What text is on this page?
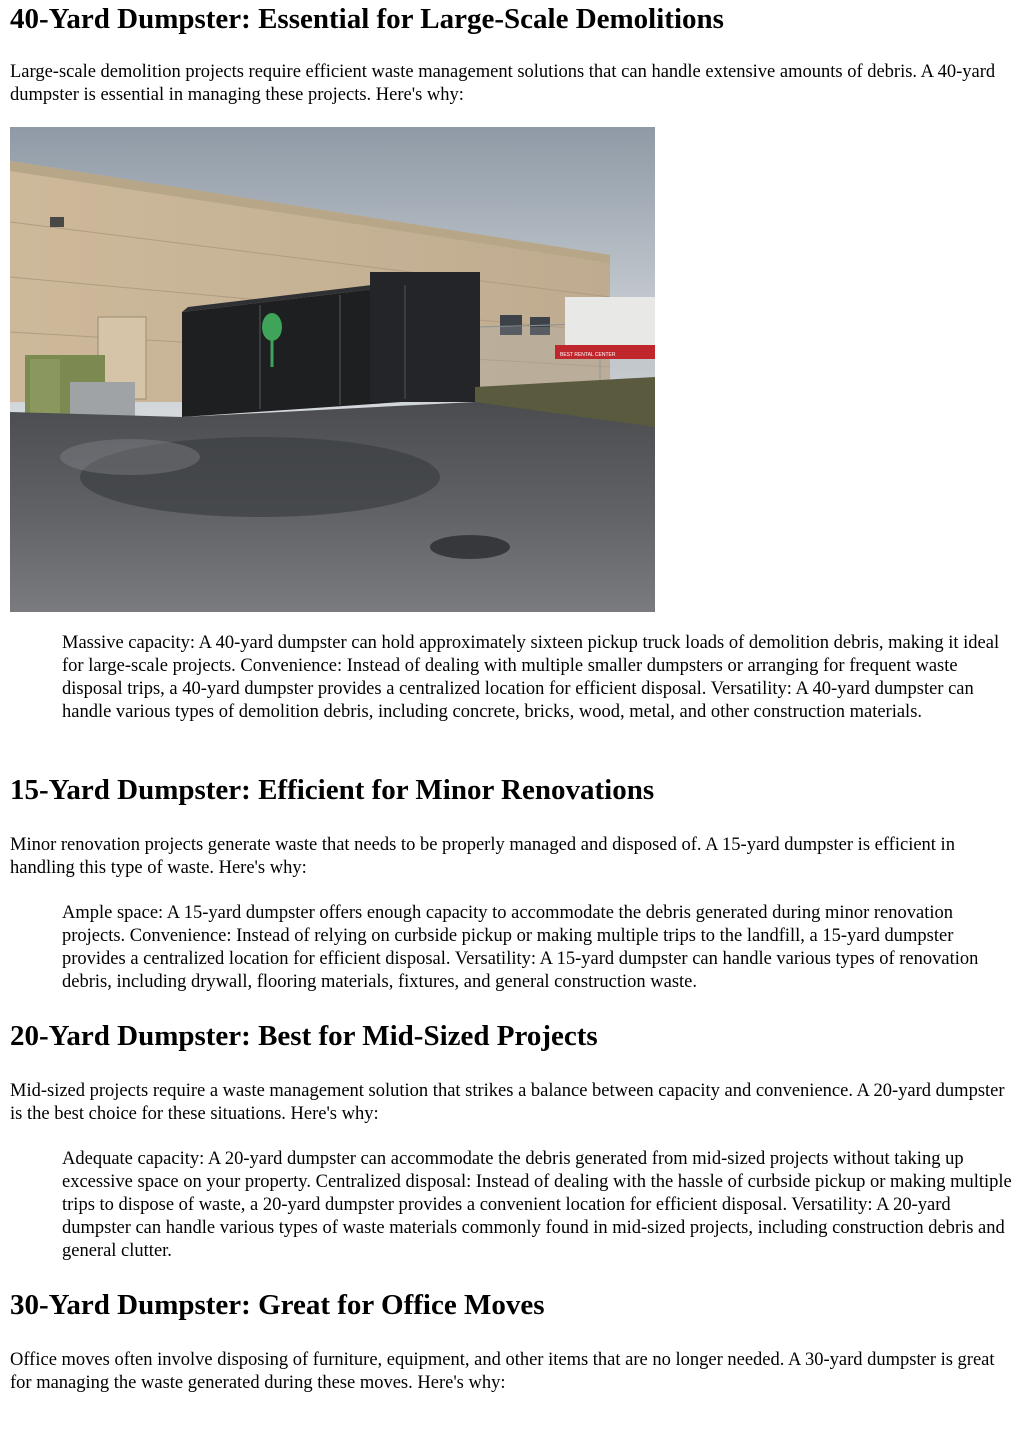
40-Yard Dumpster: Essential for Large-Scale Demolitions

Large-scale demolition projects require efficient waste management solutions that can handle extensive amounts of debris. A 40-yard dumpster is essential in managing these projects. Here's why:

BEST RENTAL CENTER
Massive capacity: A 40-yard dumpster can hold approximately sixteen pickup truck loads of demolition debris, making it ideal for large-scale projects. Convenience: Instead of dealing with multiple smaller dumpsters or arranging for frequent waste disposal trips, a 40-yard dumpster provides a centralized location for efficient disposal. Versatility: A 40-yard dumpster can handle various types of demolition debris, including concrete, bricks, wood, metal, and other construction materials.
15-Yard Dumpster: Efficient for Minor Renovations

Minor renovation projects generate waste that needs to be properly managed and disposed of. A 15-yard dumpster is efficient in handling this type of waste. Here's why:

Ample space: A 15-yard dumpster offers enough capacity to accommodate the debris generated during minor renovation projects. Convenience: Instead of relying on curbside pickup or making multiple trips to the landfill, a 15-yard dumpster provides a centralized location for efficient disposal. Versatility: A 15-yard dumpster can handle various types of renovation debris, including drywall, flooring materials, fixtures, and general construction waste.
20-Yard Dumpster: Best for Mid-Sized Projects

Mid-sized projects require a waste management solution that strikes a balance between capacity and convenience. A 20-yard dumpster is the best choice for these situations. Here's why:

Adequate capacity: A 20-yard dumpster can accommodate the debris generated from mid-sized projects without taking up excessive space on your property. Centralized disposal: Instead of dealing with the hassle of curbside pickup or making multiple trips to dispose of waste, a 20-yard dumpster provides a convenient location for efficient disposal. Versatility: A 20-yard dumpster can handle various types of waste materials commonly found in mid-sized projects, including construction debris and general clutter.
30-Yard Dumpster: Great for Office Moves

Office moves often involve disposing of furniture, equipment, and other items that are no longer needed. A 30-yard dumpster is great for managing the waste generated during these moves. Here's why:
